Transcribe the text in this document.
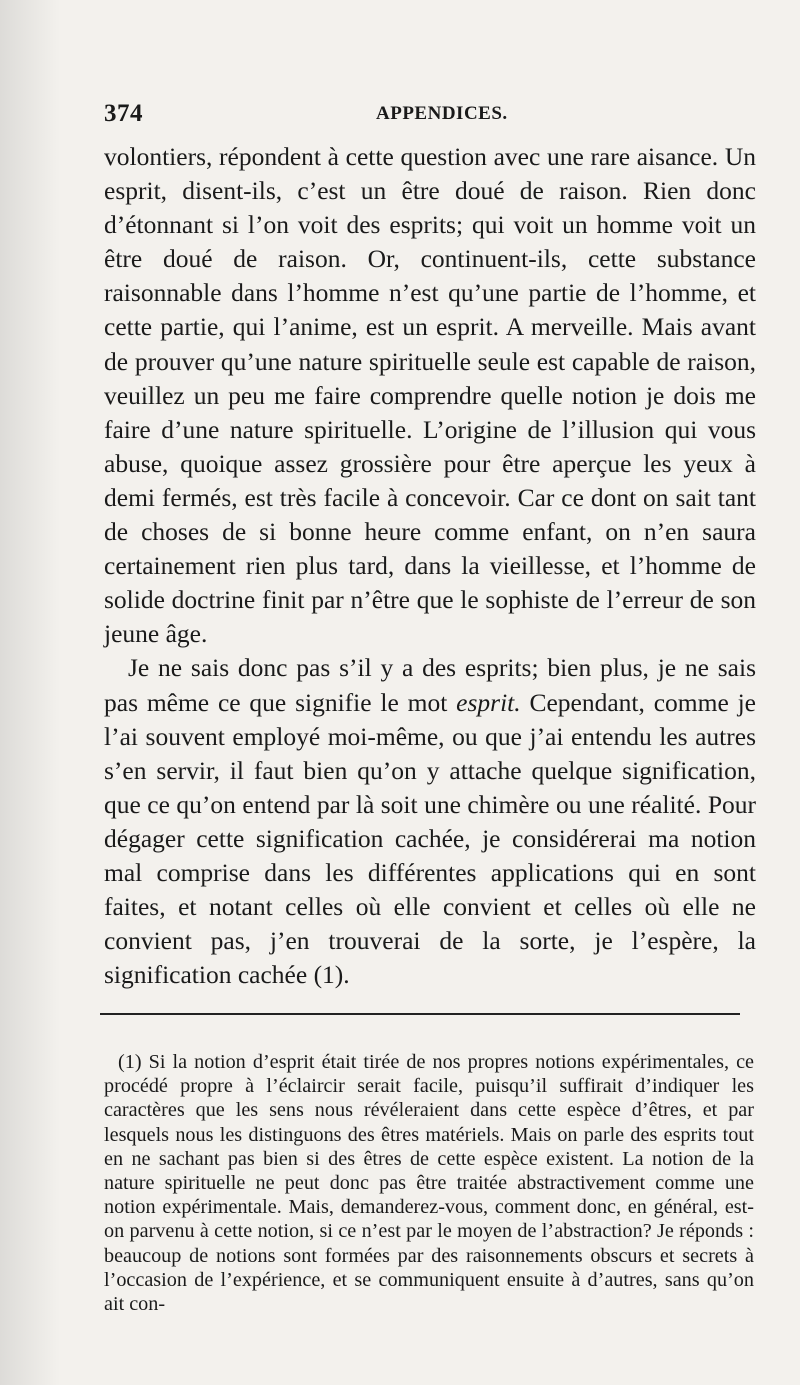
374	APPENDICES.

volontiers, répondent à cette question avec une rare aisance. Un esprit, disent-ils, c’est un être doué de raison. Rien donc d’étonnant si l’on voit des esprits; qui voit un homme voit un être doué de raison. Or, continuent-ils, cette substance raisonnable dans l’homme n’est qu’une partie de l’homme, et cette partie, qui l’anime, est un esprit. A merveille. Mais avant de prouver qu’une nature spirituelle seule est capable de raison, veuillez un peu me faire comprendre quelle notion je dois me faire d’une nature spirituelle. L’origine de l’illusion qui vous abuse, quoique assez grossière pour être aperçue les yeux à demi fermés, est très facile à concevoir. Car ce dont on sait tant de choses de si bonne heure comme enfant, on n’en saura certainement rien plus tard, dans la vieillesse, et l’homme de solide doctrine finit par n’être que le sophiste de l’erreur de son jeune âge.

Je ne sais donc pas s’il y a des esprits; bien plus, je ne sais pas même ce que signifie le mot esprit. Cependant, comme je l’ai souvent employé moi-même, ou que j’ai entendu les autres s’en servir, il faut bien qu’on y attache quelque signification, que ce qu’on entend par là soit une chimère ou une réalité. Pour dégager cette signification cachée, je considérerai ma notion mal comprise dans les différentes applications qui en sont faites, et notant celles où elle convient et celles où elle ne convient pas, j’en trouverai de la sorte, je l’espère, la signification cachée (1).

(1) Si la notion d’esprit était tirée de nos propres notions expérimentales, ce procédé propre à l’éclaircir serait facile, puisqu’il suffirait d’indiquer les caractères que les sens nous révéleraient dans cette espèce d’êtres, et par lesquels nous les distinguons des êtres matériels. Mais on parle des esprits tout en ne sachant pas bien si des êtres de cette espèce existent. La notion de la nature spirituelle ne peut donc pas être traitée abstractivement comme une notion expérimentale. Mais, demanderez-vous, comment donc, en général, est-on parvenu à cette notion, si ce n’est par le moyen de l’abstraction? Je réponds : beaucoup de notions sont formées par des raisonnements obscurs et secrets à l’occasion de l’expérience, et se communiquent ensuite à d’autres, sans qu’on ait con-
